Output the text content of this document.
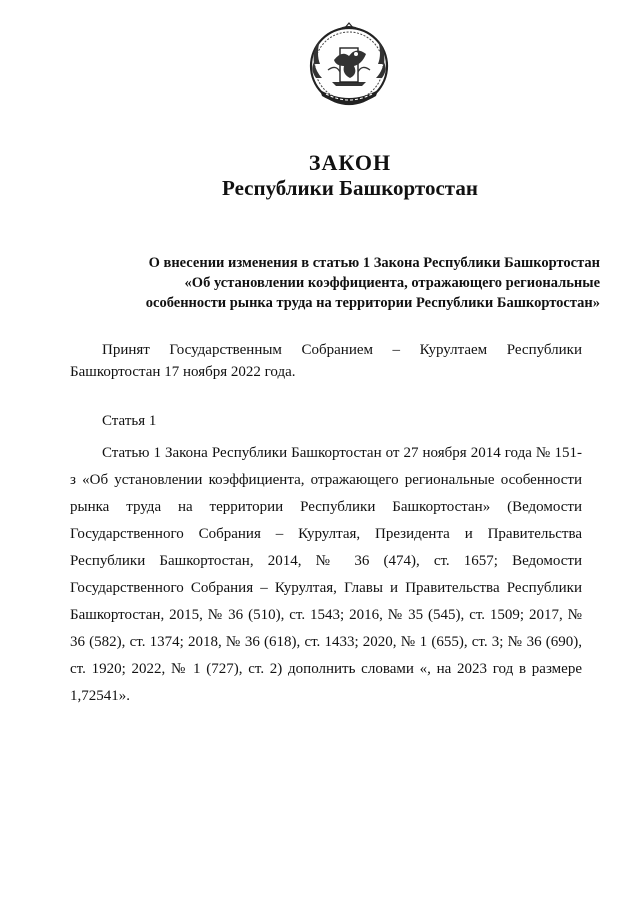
ЗАКОН
Республики Башкортостан
О внесении изменения в статью 1 Закона Республики Башкортостан
«Об установлении коэффициента, отражающего региональные
особенности рынка труда на территории Республики Башкортостан»

Принят Государственным Собранием – Курултаем Республики Башкортостан 17 ноября 2022 года.

Статья 1

Статью 1 Закона Республики Башкортостан от 27 ноября 2014 года № 151-з «Об установлении коэффициента, отражающего региональные особенности рынка труда на территории Республики Башкортостан» (Ведомости Государственного Собрания – Курултая, Президента и Правительства Республики Башкортостан, 2014, № 36 (474), ст. 1657; Ведомости Государственного Собрания – Курултая, Главы и Правительства Республики Башкортостан, 2015, № 36 (510), ст. 1543; 2016, № 35 (545), ст. 1509; 2017, № 36 (582), ст. 1374; 2018, № 36 (618), ст. 1433; 2020, № 1 (655), ст. 3; № 36 (690), ст. 1920; 2022, № 1 (727), ст. 2) дополнить словами «, на 2023 год в размере 1,72541».
